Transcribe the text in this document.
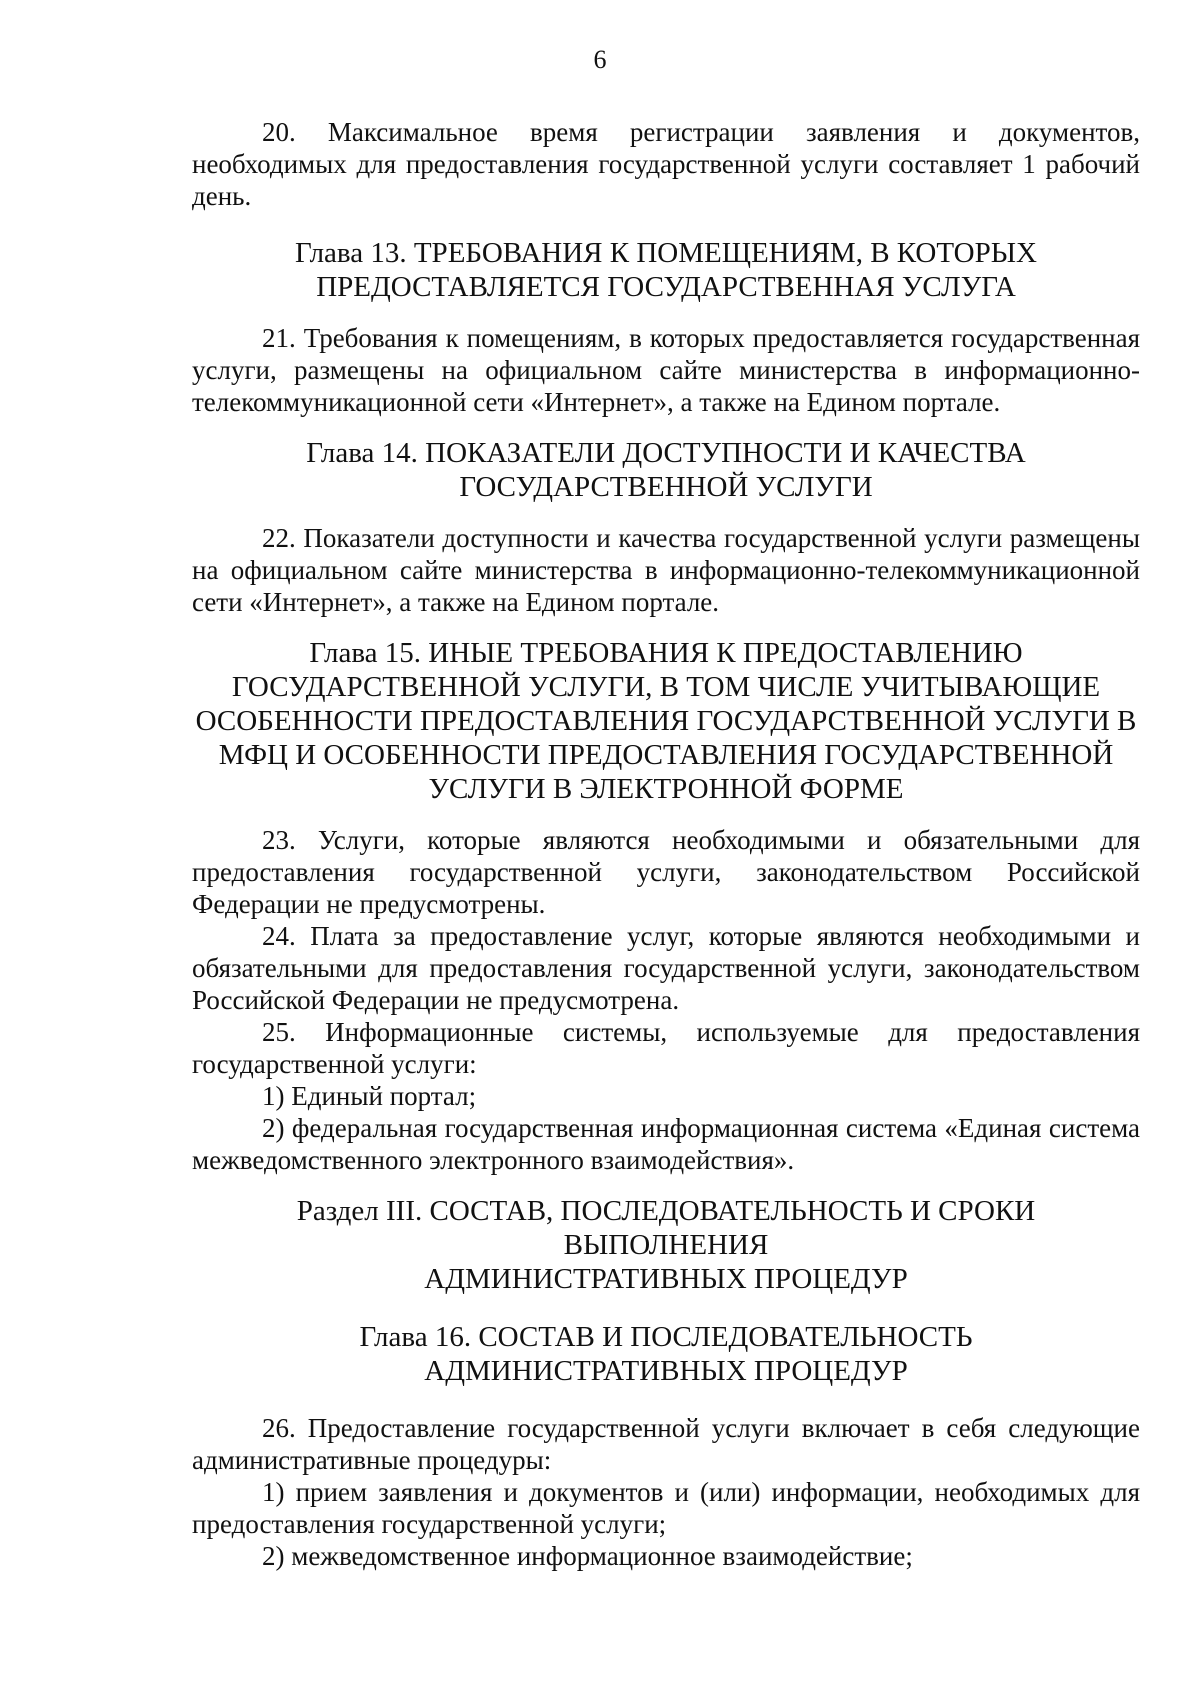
6

20. Максимальное время регистрации заявления и документов, необходимых для предоставления государственной услуги составляет 1 рабочий день.

Глава 13. ТРЕБОВАНИЯ К ПОМЕЩЕНИЯМ, В КОТОРЫХ
ПРЕДОСТАВЛЯЕТСЯ ГОСУДАРСТВЕННАЯ УСЛУГА

21. Требования к помещениям, в которых предоставляется государственная услуги, размещены на официальном сайте министерства в информационно-телекоммуникационной сети «Интернет», а также на Едином портале.

Глава 14. ПОКАЗАТЕЛИ ДОСТУПНОСТИ И КАЧЕСТВА
ГОСУДАРСТВЕННОЙ УСЛУГИ

22. Показатели доступности и качества государственной услуги размещены на официальном сайте министерства в информационно-телекоммуникационной сети «Интернет», а также на Едином портале.

Глава 15. ИНЫЕ ТРЕБОВАНИЯ К ПРЕДОСТАВЛЕНИЮ
ГОСУДАРСТВЕННОЙ УСЛУГИ, В ТОМ ЧИСЛЕ УЧИТЫВАЮЩИЕ
ОСОБЕННОСТИ ПРЕДОСТАВЛЕНИЯ ГОСУДАРСТВЕННОЙ УСЛУГИ В
МФЦ И ОСОБЕННОСТИ ПРЕДОСТАВЛЕНИЯ ГОСУДАРСТВЕННОЙ
УСЛУГИ В ЭЛЕКТРОННОЙ ФОРМЕ

23. Услуги, которые являются необходимыми и обязательными для предоставления государственной услуги, законодательством Российской Федерации не предусмотрены.

24. Плата за предоставление услуг, которые являются необходимыми и обязательными для предоставления государственной услуги, законодательством Российской Федерации не предусмотрена.

25. Информационные системы, используемые для предоставления государственной услуги:

1) Единый портал;

2) федеральная государственная информационная система «Единая система межведомственного электронного взаимодействия».

Раздел III. СОСТАВ, ПОСЛЕДОВАТЕЛЬНОСТЬ И СРОКИ ВЫПОЛНЕНИЯ
АДМИНИСТРАТИВНЫХ ПРОЦЕДУР
Глава 16. СОСТАВ И ПОСЛЕДОВАТЕЛЬНОСТЬ
АДМИНИСТРАТИВНЫХ ПРОЦЕДУР

26. Предоставление государственной услуги включает в себя следующие административные процедуры:

1) прием заявления и документов и (или) информации, необходимых для предоставления государственной услуги;

2) межведомственное информационное взаимодействие;
